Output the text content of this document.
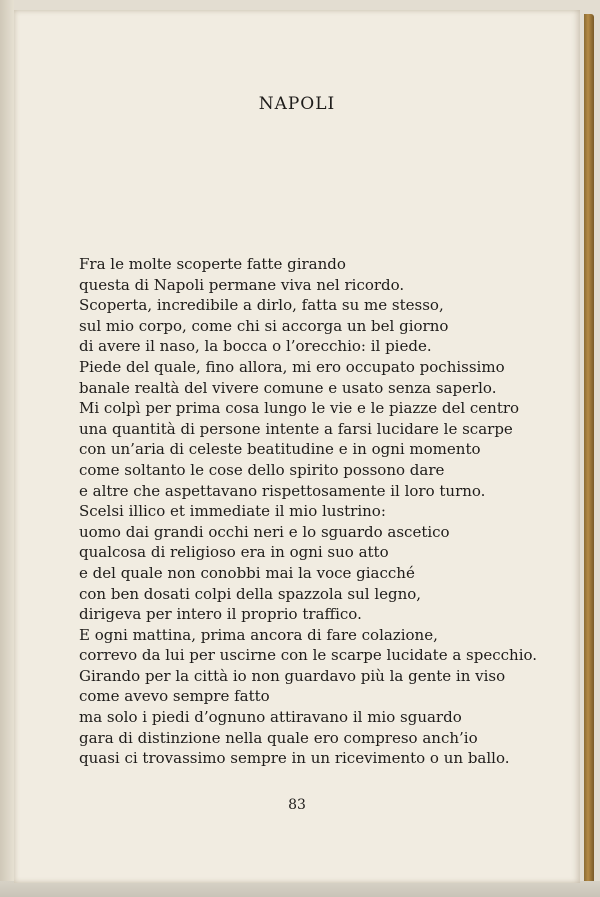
NAPOLI
Fra le molte scoperte fatte girando
questa di Napoli permane viva nel ricordo.
Scoperta, incredibile a dirlo, fatta su me stesso,
sul mio corpo, come chi si accorga un bel giorno
di avere il naso, la bocca o l’orecchio: il piede.
Piede del quale, fino allora, mi ero occupato pochissimo
banale realtà del vivere comune e usato senza saperlo.
Mi colpì per prima cosa lungo le vie e le piazze del centro
una quantità di persone intente a farsi lucidare le scarpe
con un’aria di celeste beatitudine e in ogni momento
come soltanto le cose dello spirito possono dare
e altre che aspettavano rispettosamente il loro turno.
Scelsi illico et immediate il mio lustrino:
uomo dai grandi occhi neri e lo sguardo ascetico
qualcosa di religioso era in ogni suo atto
e del quale non conobbi mai la voce giacché
con ben dosati colpi della spazzola sul legno,
dirigeva per intero il proprio traffico.
E ogni mattina, prima ancora di fare colazione,
correvo da lui per uscirne con le scarpe lucidate a specchio.
Girando per la città io non guardavo più la gente in viso
come avevo sempre fatto
ma solo i piedi d’ognuno attiravano il mio sguardo
gara di distinzione nella quale ero compreso anch’io
quasi ci trovassimo sempre in un ricevimento o un ballo.
83
